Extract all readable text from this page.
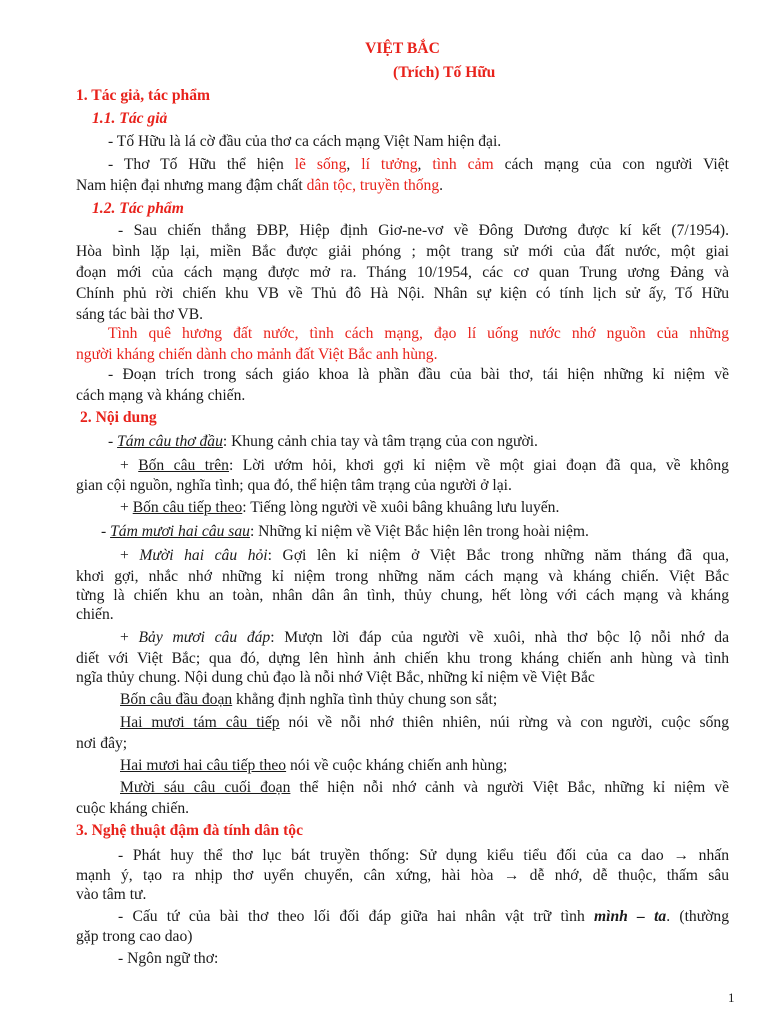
VIỆT BẮC
(Trích) Tố Hữu
1. Tác giả, tác phẩm
1.1. Tác giả
- Tố Hữu là lá cờ đầu của thơ ca cách mạng Việt Nam hiện đại.
- Thơ Tố Hữu thể hiện lẽ sống, lí tưởng, tình cảm cách mạng của con người Việt
Nam hiện đại nhưng mang đậm chất dân tộc, truyền thống.
1.2. Tác phẩm
- Sau chiến thắng ĐBP, Hiệp định Giơ-ne-vơ về Đông Dương được kí kết (7/1954).
Hòa bình lặp lại, miền Bắc được giải phóng ; một trang sử mới của đất nước, một giai
đoạn mới của cách mạng được mở ra. Tháng 10/1954, các cơ quan Trung ương Đảng và
Chính phủ rời chiến khu VB về Thủ đô Hà Nội. Nhân sự kiện có tính lịch sử ấy, Tố Hữu
sáng tác bài thơ VB.
Tình quê hương đất nước, tình cách mạng, đạo lí uống nước nhớ nguồn của những
người kháng chiến dành cho mảnh đất Việt Bắc anh hùng.
- Đoạn trích trong sách giáo khoa là phần đầu của bài thơ, tái hiện những kỉ niệm về
cách mạng và kháng chiến.
2. Nội dung
- Tám câu thơ đầu: Khung cảnh chia tay và tâm trạng của con người.
+ Bốn câu trên: Lời ướm hỏi, khơi gợi kỉ niệm về một giai đoạn đã qua, về không
gian cội nguồn, nghĩa tình; qua đó, thể hiện tâm trạng của người ở lại.
+ Bốn câu tiếp theo: Tiếng lòng người về xuôi bâng khuâng lưu luyến.
- Tám mươi hai câu sau: Những kỉ niệm về Việt Bắc hiện lên trong hoài niệm.
+ Mười hai câu hỏi: Gợi lên kỉ niệm ở Việt Bắc trong những năm tháng đã qua,
khơi gợi, nhắc nhớ những kỉ niệm trong những năm cách mạng và kháng chiến. Việt Bắc
từng là chiến khu an toàn, nhân dân ân tình, thủy chung, hết lòng với cách mạng và kháng
chiến.
+ Bảy mươi câu đáp: Mượn lời đáp của người về xuôi, nhà thơ bộc lộ nỗi nhớ da
diết với Việt Bắc; qua đó, dựng lên hình ảnh chiến khu trong kháng chiến anh hùng và tình
ngĩa thủy chung. Nội dung chủ đạo là nỗi nhớ Việt Bắc, những kỉ niệm về Việt Bắc
Bốn câu đầu đoạn khẳng định nghĩa tình thủy chung son sắt;
Hai mươi tám câu tiếp nói về nỗi nhớ thiên nhiên, núi rừng và con người, cuộc sống
nơi đây;
Hai mươi hai câu tiếp theo nói về cuộc kháng chiến anh hùng;
Mười sáu câu cuối đoạn thể hiện nỗi nhớ cảnh và người Việt Bắc, những kỉ niệm về
cuộc kháng chiến.
3. Nghệ thuật đậm đà tính dân tộc
- Phát huy thể thơ lục bát truyền thống: Sử dụng kiểu tiểu đối của ca dao → nhấn
mạnh ý, tạo ra nhịp thơ uyển chuyển, cân xứng, hài hòa → dễ nhớ, dễ thuộc, thấm sâu
vào tâm tư.
- Cấu tứ của bài thơ theo lối đối đáp giữa hai nhân vật trữ tình mình – ta. (thường
gặp trong cao dao)
- Ngôn ngữ thơ:
1
